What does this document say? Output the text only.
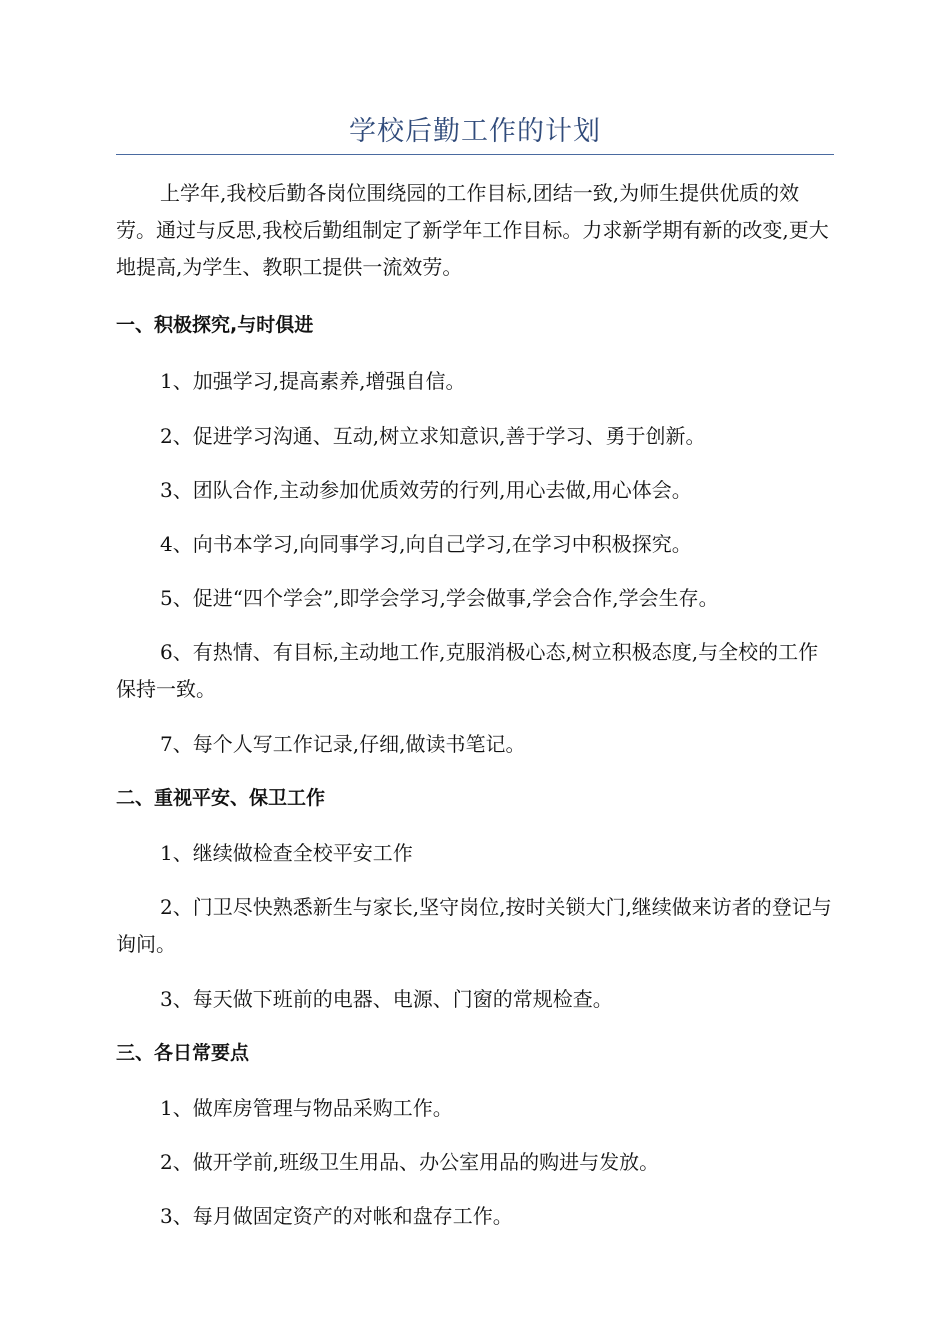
学校后勤工作的计划

上学年,我校后勤各岗位围绕园的工作目标,团结一致,为师生提供优质的效劳。通过与反思,我校后勤组制定了新学年工作目标。力求新学期有新的改变,更大地提高,为学生、教职工提供一流效劳。

一、积极探究,与时俱进

1、加强学习,提高素养,增强自信。

2、促进学习沟通、互动,树立求知意识,善于学习、勇于创新。

3、团队合作,主动参加优质效劳的行列,用心去做,用心体会。

4、向书本学习,向同事学习,向自己学习,在学习中积极探究。

5、促进“四个学会”,即学会学习,学会做事,学会合作,学会生存。

6、有热情、有目标,主动地工作,克服消极心态,树立积极态度,与全校的工作保持一致。

7、每个人写工作记录,仔细,做读书笔记。

二、重视平安、保卫工作

1、继续做检查全校平安工作

2、门卫尽快熟悉新生与家长,坚守岗位,按时关锁大门,继续做来访者的登记与询问。

3、每天做下班前的电器、电源、门窗的常规检查。

三、各日常要点

1、做库房管理与物品采购工作。

2、做开学前,班级卫生用品、办公室用品的购进与发放。

3、每月做固定资产的对帐和盘存工作。
